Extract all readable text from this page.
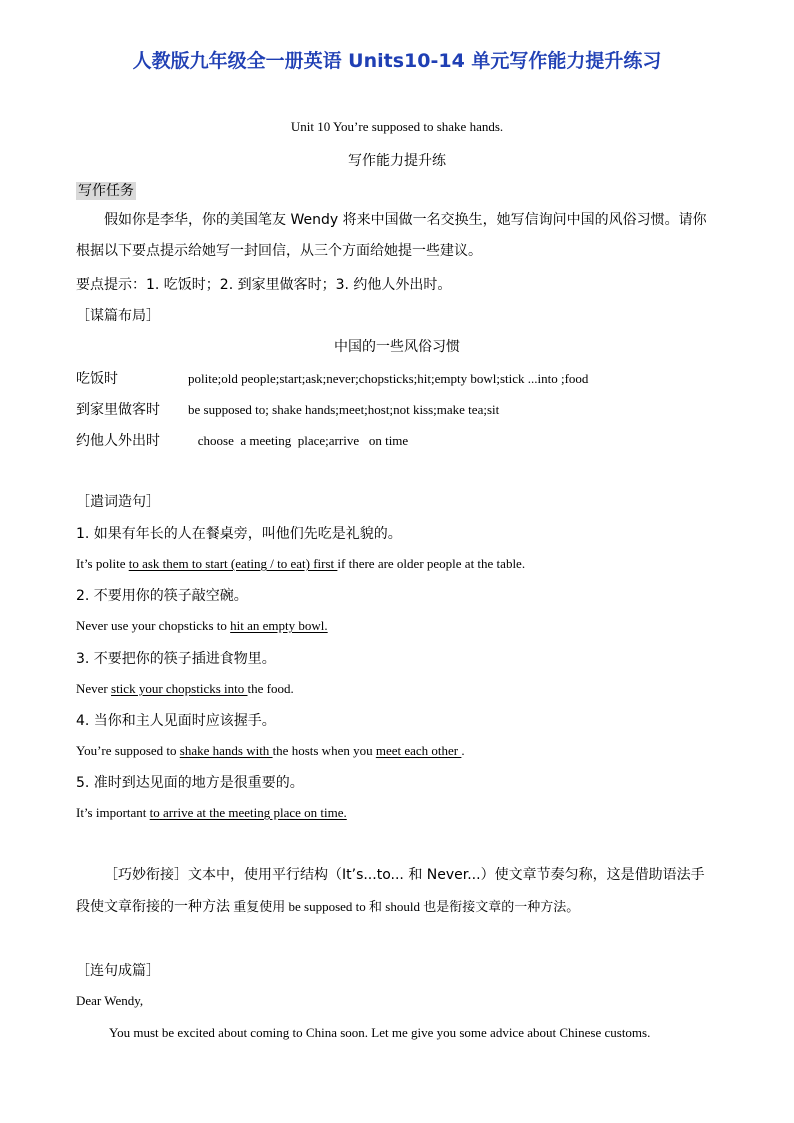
人教版九年级全一册英语 Units10-14 单元写作能力提升练习
Unit 10 You’re supposed to shake hands.
写作能力提升练
写作任务
假如你是李华，你的美国笔友 Wendy 将来中国做一名交换生，她写信询问中国的风俗习惯。请你根据以下要点提示给她写一封回信，从三个方面给她提一些建议。
要点提示：1. 吃饭时；2. 到家里做客时；3. 约他人外出时。
［谋篇布局］
中国的一些风俗习惯
吃饭时	polite;old people;start;ask;never;chopsticks;hit;empty bowl;stick ...into ;food
到家里做客时 be supposed to; shake hands;meet;host;not kiss;make tea;sit
约他人外出时   choose  a meeting  place;arrive   on time
［遣词造句］
1. 如果有年长的人在餐桌旁，叫他们先吃是礼貌的。
It’s polite to ask them to start (eating / to eat) first if there are older people at the table.
2. 不要用你的筷子敲空碗。
Never use your chopsticks to hit an empty bowl.
3. 不要把你的筷子插进食物里。
Never stick your chopsticks into the food.
4. 当你和主人见面时应该握手。
You’re supposed to shake hands with the hosts when you meet each other .
5. 准时到达见面的地方是很重要的。
It’s important to arrive at the meeting place on time.
［巧妙衔接］文本中，使用平行结构（It’s...to... 和 Never...）使文章节奏匀称，这是借助语法手段使文章衔接的一种方法 重复使用 be supposed to 和 should 也是衔接文章的一种方法。
［连句成篇］
Dear Wendy,
You must be excited about coming to China soon. Let me give you some advice about Chinese customs.
